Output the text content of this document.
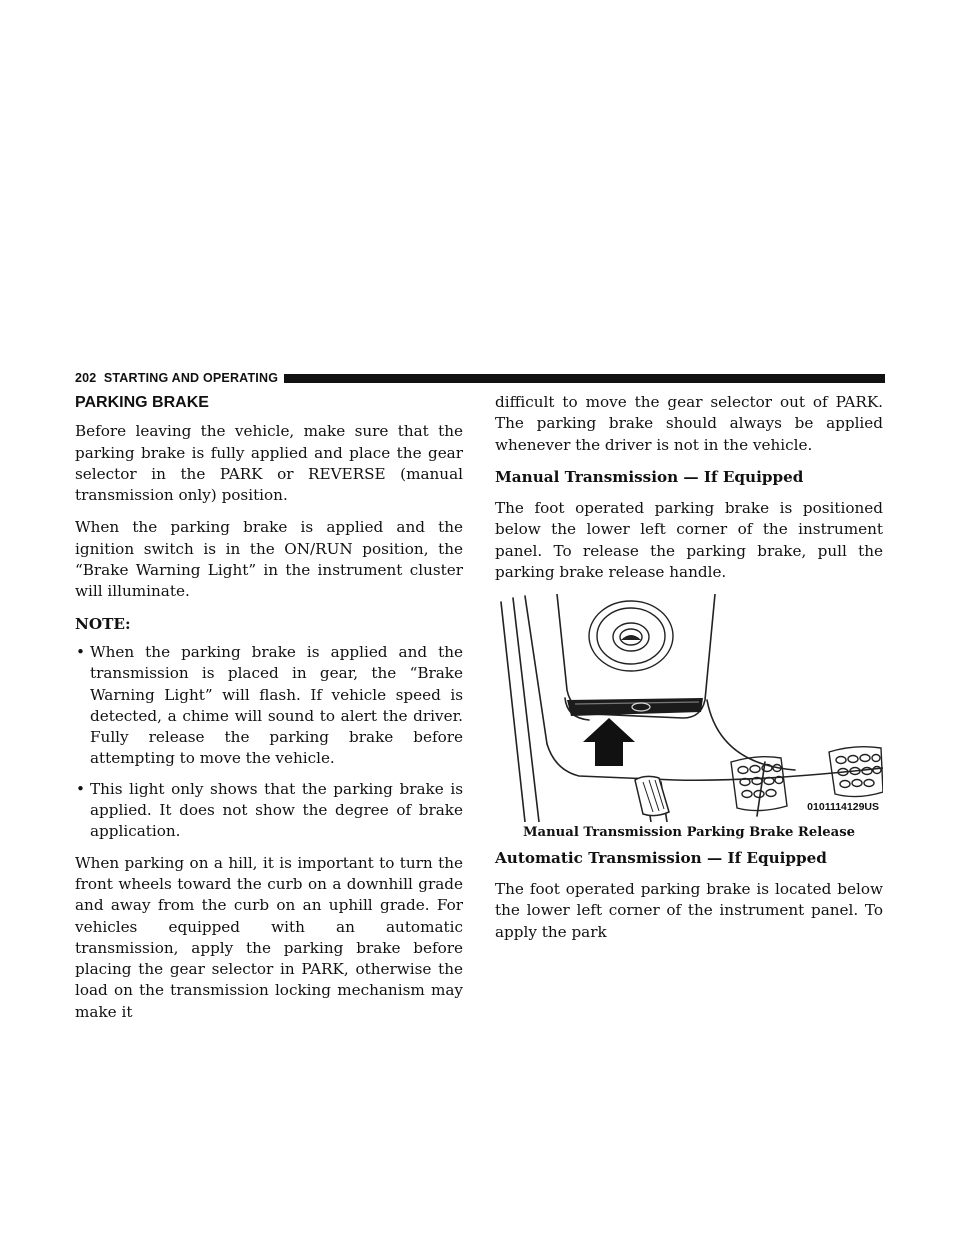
202 STARTING AND OPERATING
PARKING BRAKE

Before leaving the vehicle, make sure that the parking brake is fully applied and place the gear selector in the PARK or REVERSE (manual transmission only) position.

When the parking brake is applied and the ignition switch is in the ON/RUN position, the “Brake Warning Light” in the instrument cluster will illuminate.

NOTE:
• When the parking brake is applied and the transmission is placed in gear, the “Brake Warning Light” will flash. If vehicle speed is detected, a chime will sound to alert the driver. Fully release the parking brake before attempting to move the vehicle.
• This light only shows that the parking brake is applied. It does not show the degree of brake application.

When parking on a hill, it is important to turn the front wheels toward the curb on a downhill grade and away from the curb on an uphill grade. For vehicles equipped with an automatic transmission, apply the parking brake before placing the gear selector in PARK, otherwise the load on the transmission locking mechanism may make it

difficult to move the gear selector out of PARK. The parking brake should always be applied whenever the driver is not in the vehicle.

Manual Transmission — If Equipped

The foot operated parking brake is positioned below the lower left corner of the instrument panel. To release the parking brake, pull the parking brake release handle.

0101114129US
Manual Transmission Parking Brake Release
Automatic Transmission — If Equipped

The foot operated parking brake is located below the lower left corner of the instrument panel. To apply the park
